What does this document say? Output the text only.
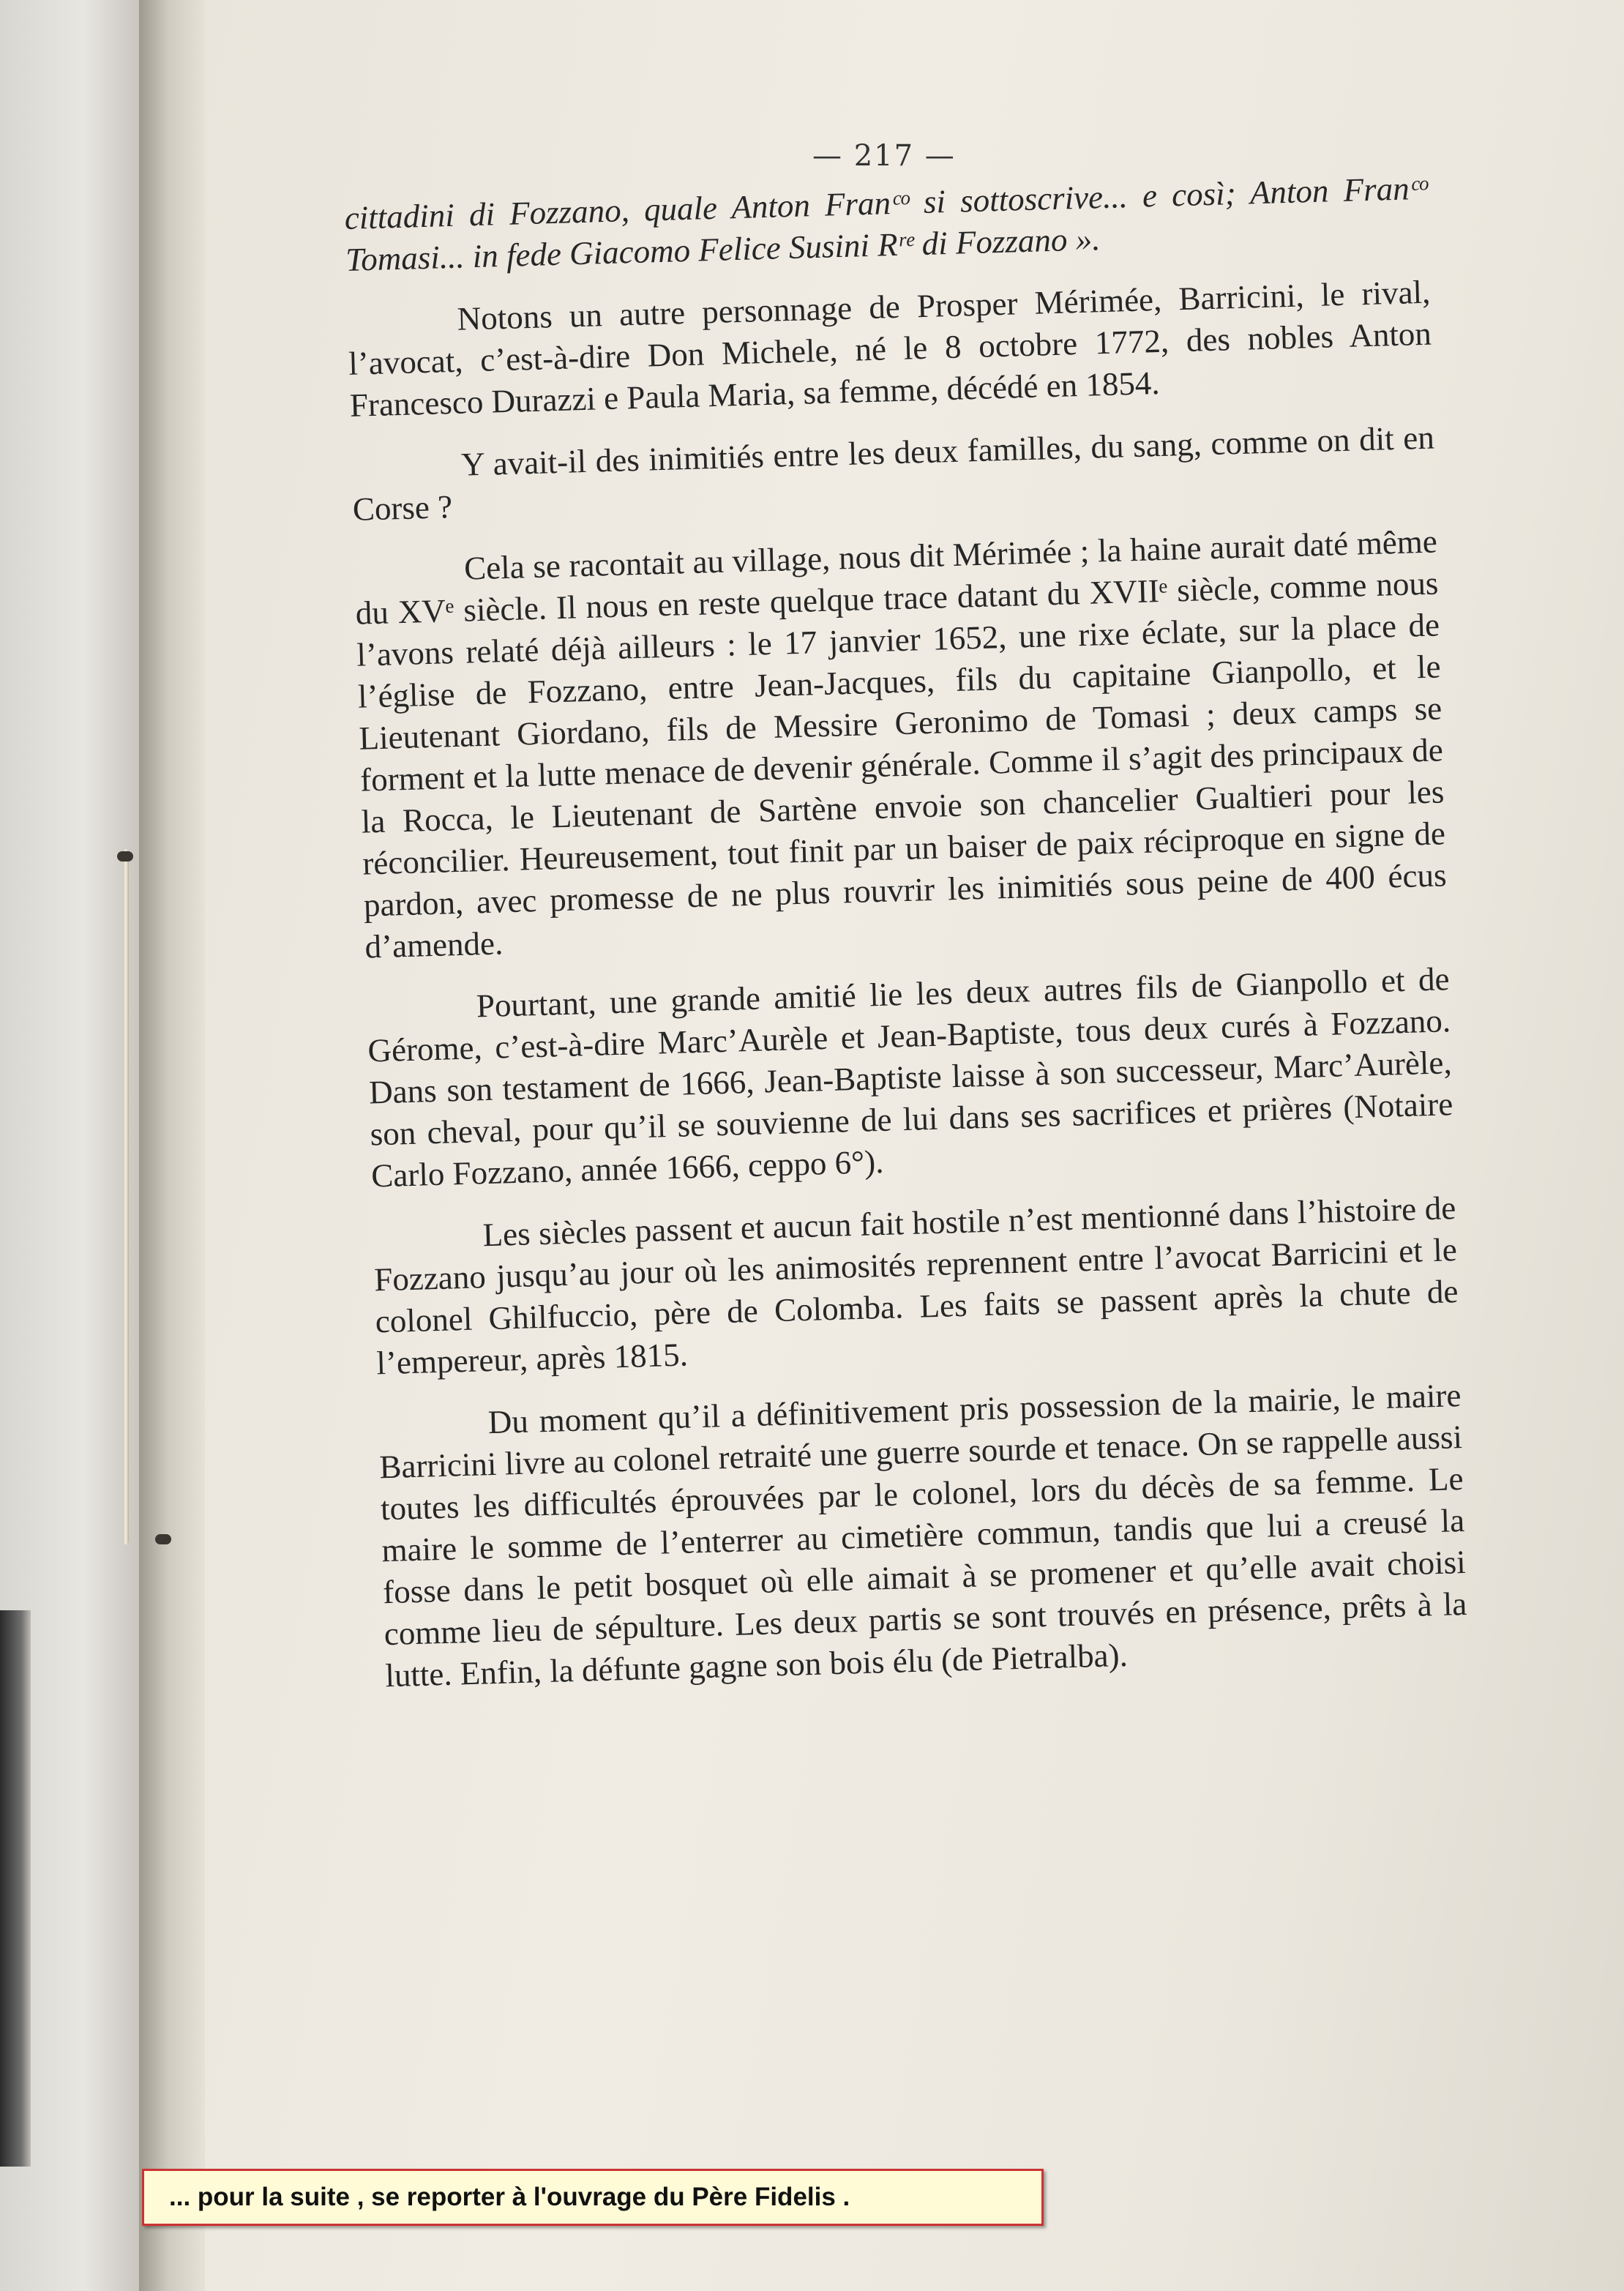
— 217 —

cittadini di Fozzano, quale Anton Franᶜᵒ si sottoscrive... e così; Anton Franᶜᵒ Tomasi... in fede Giacomo Felice Susini Rʳᵉ di Fozzano ».

Notons un autre personnage de Prosper Mérimée, Barricini, le rival, l’avocat, c’est-à-dire Don Michele, né le 8 octobre 1772, des nobles Anton Francesco Durazzi e Paula Maria, sa femme, décédé en 1854.

Y avait-il des inimitiés entre les deux familles, du sang, comme on dit en Corse ?

Cela se racontait au village, nous dit Mérimée ; la haine aurait daté même du XVᵉ siècle. Il nous en reste quelque trace datant du XVIIᵉ siècle, comme nous l’avons relaté déjà ailleurs : le 17 janvier 1652, une rixe éclate, sur la place de l’église de Fozzano, entre Jean-Jacques, fils du capitaine Gianpollo, et le Lieutenant Giordano, fils de Messire Geronimo de Tomasi ; deux camps se forment et la lutte menace de devenir générale. Comme il s’agit des principaux de la Rocca, le Lieutenant de Sartène envoie son chancelier Gualtieri pour les réconcilier. Heureusement, tout finit par un baiser de paix réciproque en signe de pardon, avec promesse de ne plus rouvrir les inimitiés sous peine de 400 écus d’amende.

Pourtant, une grande amitié lie les deux autres fils de Gianpollo et de Gérome, c’est-à-dire Marc’Aurèle et Jean-Baptiste, tous deux curés à Fozzano. Dans son testament de 1666, Jean-Baptiste laisse à son successeur, Marc’Aurèle, son cheval, pour qu’il se souvienne de lui dans ses sacrifices et prières (Notaire Carlo Fozzano, année 1666, ceppo 6°).

Les siècles passent et aucun fait hostile n’est mentionné dans l’histoire de Fozzano jusqu’au jour où les animosités reprennent entre l’avocat Barricini et le colonel Ghilfuccio, père de Colomba. Les faits se passent après la chute de l’empereur, après 1815.

Du moment qu’il a définitivement pris possession de la mairie, le maire Barricini livre au colonel retraité une guerre sourde et tenace. On se rappelle aussi toutes les difficultés éprouvées par le colonel, lors du décès de sa femme. Le maire le somme de l’enterrer au cimetière commun, tandis que lui a creusé la fosse dans le petit bosquet où elle aimait à se promener et qu’elle avait choisi comme lieu de sépulture. Les deux partis se sont trouvés en présence, prêts à la lutte. Enfin, la défunte gagne son bois élu (de Pietralba).

... pour la suite , se reporter à l'ouvrage du Père Fidelis .
